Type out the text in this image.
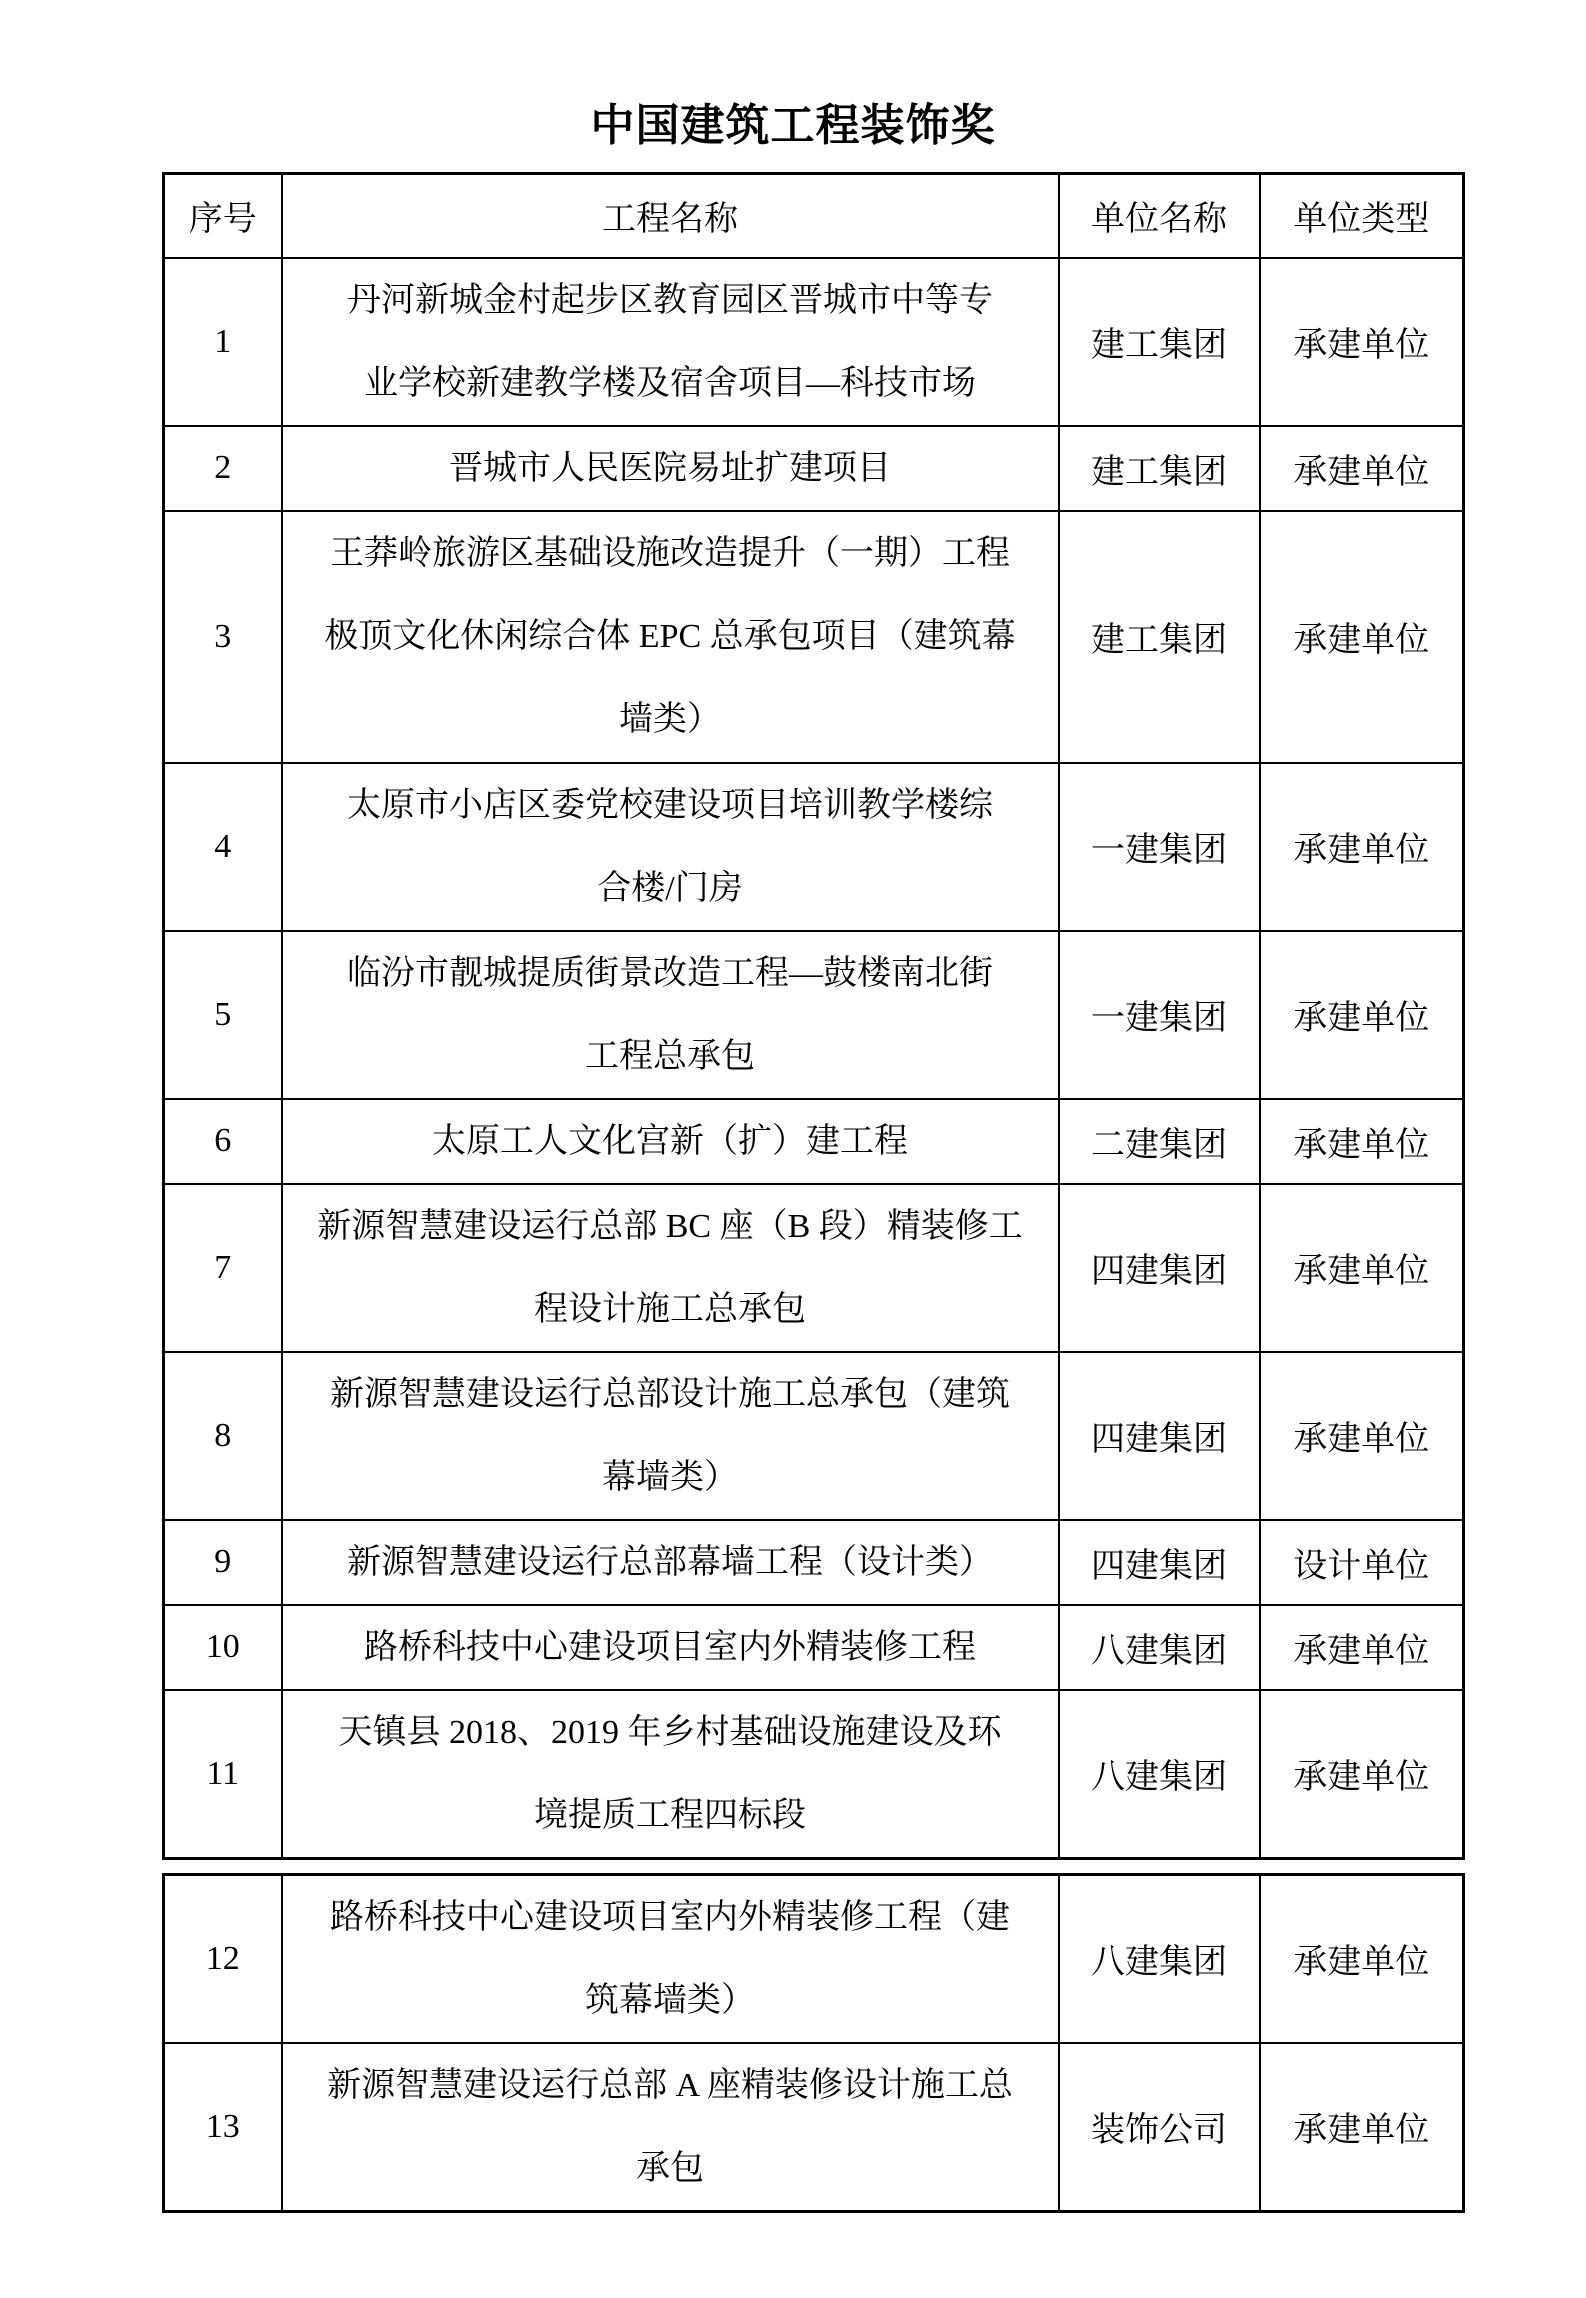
中国建筑工程装饰奖
序号	工程名称	单位名称	单位类型
1	丹河新城金村起步区教育园区晋城市中等专
业学校新建教学楼及宿舍项目—科技市场	建工集团	承建单位
2	晋城市人民医院易址扩建项目	建工集团	承建单位
3	王莽岭旅游区基础设施改造提升（一期）工程
极顶文化休闲综合体 EPC 总承包项目（建筑幕
墙类）	建工集团	承建单位
4	太原市小店区委党校建设项目培训教学楼综
合楼/门房	一建集团	承建单位
5	临汾市靓城提质街景改造工程—鼓楼南北街
工程总承包	一建集团	承建单位
6	太原工人文化宫新（扩）建工程	二建集团	承建单位
7	新源智慧建设运行总部 BC 座（B 段）精装修工
程设计施工总承包	四建集团	承建单位
8	新源智慧建设运行总部设计施工总承包（建筑
幕墙类）	四建集团	承建单位
9	新源智慧建设运行总部幕墙工程（设计类）	四建集团	设计单位
10	路桥科技中心建设项目室内外精装修工程	八建集团	承建单位
11	天镇县 2018、2019 年乡村基础设施建设及环
境提质工程四标段	八建集团	承建单位
12	路桥科技中心建设项目室内外精装修工程（建
筑幕墙类）	八建集团	承建单位
13	新源智慧建设运行总部 A 座精装修设计施工总
承包	装饰公司	承建单位
